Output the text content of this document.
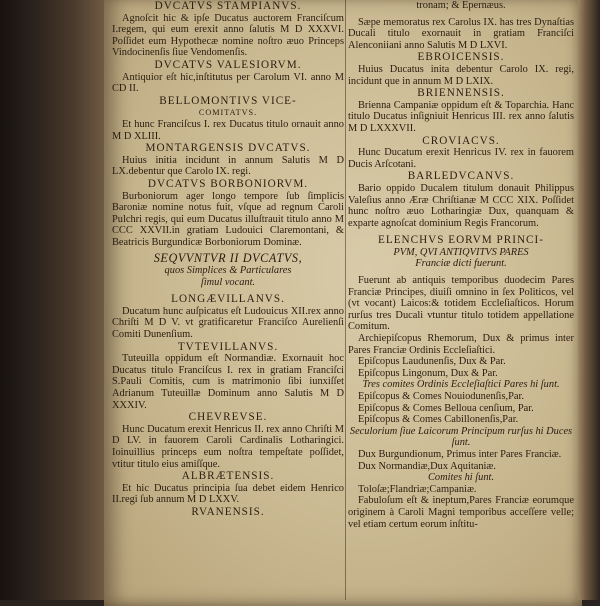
DVCATVS STAMPIANVS.
Agnoſcit hic & ipſe Ducatus auctorem Franciſcum I.regem, qui eum erexit anno ſalutis M D XXXVI. Poſſidet eum Hypothecæ nomine noſtro æuo Princeps Vindocinenſis ſiue Vendomenſis.
DVCATVS VALESIORVM.
Antiquior eſt hic,inſtitutus per Carolum VI. anno M CD II.
BELLOMONTIVS VICE-
COMITATVS.
Et hunc Franciſcus I. rex Ducatus titulo ornauit anno M D XLIII.
MONTARGENSIS DVCATVS.
Huius initia incidunt in annum Salutis M D LX.debentur que Carolo IX. regi.
DVCATVS BORBONIORVM.
Burboniorum ager longo tempore ſub ſimplicis Baroniæ nomine notus fuit, vſque ad regnum Caroli Pulchri regis, qui eum Ducatus illuſtrauit titulo anno M CCC XXVII.in gratiam Ludouici Claremontani, & Beatricis Burgundicæ Borboniorum Dominæ.
SEQVVNTVR II DVCATVS,
quos Simplices & Particulares
ſimul vocant.
LONGÆVILLANVS.
Ducatum hunc auſpicatus eſt Ludouicus XII.rex anno Chriſti M D V. vt gratificaretur Franciſco Aurelienſi Comiti Dunenſium.
TVTEVILLANVS.
Tuteuilla oppidum eſt Normandiæ. Exornauit hoc Ducatus titulo Franciſcus I. rex in gratiam Franciſci S.Pauli Comitis, cum is matrimonio ſibi iunxiſſet Adrianum Tuteuillæ Dominum anno Salutis M D XXXIV.
CHEVREVSE.
Hunc Ducatum erexit Henricus II. rex anno Chriſti M D LV. in fauorem Caroli Cardinalis Lotharingici. Ioinuillius princeps eum noſtra tempeſtate poſſidet, vtitur titulo eius amiſſque.
ALBRÆTENSIS.
Et hic Ducatus principia ſua debet eidem Henrico II.regi ſub annum M D LXXV.
RVANENSIS.
tronam; & Epernæus.
Sæpe memoratus rex Carolus IX. has tres Dynaſtias Ducali titulo exornauit in gratiam Franciſci Alenconiiani anno Salutis M D LXVI.
EBROICENSIS.
Huius Ducatus inita debentur Carolo IX. regi, incidunt que in annum M D LXIX.
BRIENNENSIS.
Brienna Campaniæ oppidum eſt & Toparchia. Hanc titulo Ducatus inſigniuit Henricus III. rex anno ſalutis M D LXXXVII.
CROVIACVS.
Hunc Ducatum erexit Henricus IV. rex in fauorem Ducis Arſcotani.
BARLEDVCANVS.
Bario oppido Ducalem titulum donauit Philippus Valeſius anno Æræ Chriſtianæ M CCC XIX. Poſſidet hunc noſtro æuo Lotharingiæ Dux, quanquam & exparte agnoſcat dominium Regis Francorum.
ELENCHVS EORVM PRINCI-
PVM, QVI ANTIQVITVS PARES
Franciæ dicti fuerunt.
Fuerunt ab antiquis temporibus duodecim Pares Franciæ Principes, diuiſi omnino in ſex Politicos, vel (vt vocant) Laicos:& totidem Eccleſiaſticos. Horum rurſus tres Ducali vtuntur titulo totidem appellatione Comitum.
Archiepiſcopus Rhemorum, Dux & primus inter Pares Franciæ Ordinis Eccleſiaſtici.
Epiſcopus Laudunenſis, Dux & Par.
Epiſcopus Lingonum, Dux & Par.
Tres comites Ordinis Eccleſiaſtici Pares hi ſunt.
Epiſcopus & Comes Nouiodunenſis,Par.
Epiſcopus & Comes Belloua cenſium, Par.
Epiſcopus & Comes Cabillonenſis,Par.
Seculorium ſiue Laicorum Principum rurſus hi Duces ſunt.
Dux Burgundionum, Primus inter Pares Franciæ.
Dux Normandiæ,Dux Aquitaniæ.
Comites hi ſunt.
Toloſæ;Flandriæ;Campaniæ.
Fabuloſum eſt & ineptum,Pares Franciæ eorumque originem à Caroli Magni temporibus acceſſere velle; vel etiam certum eorum inſtitu-
